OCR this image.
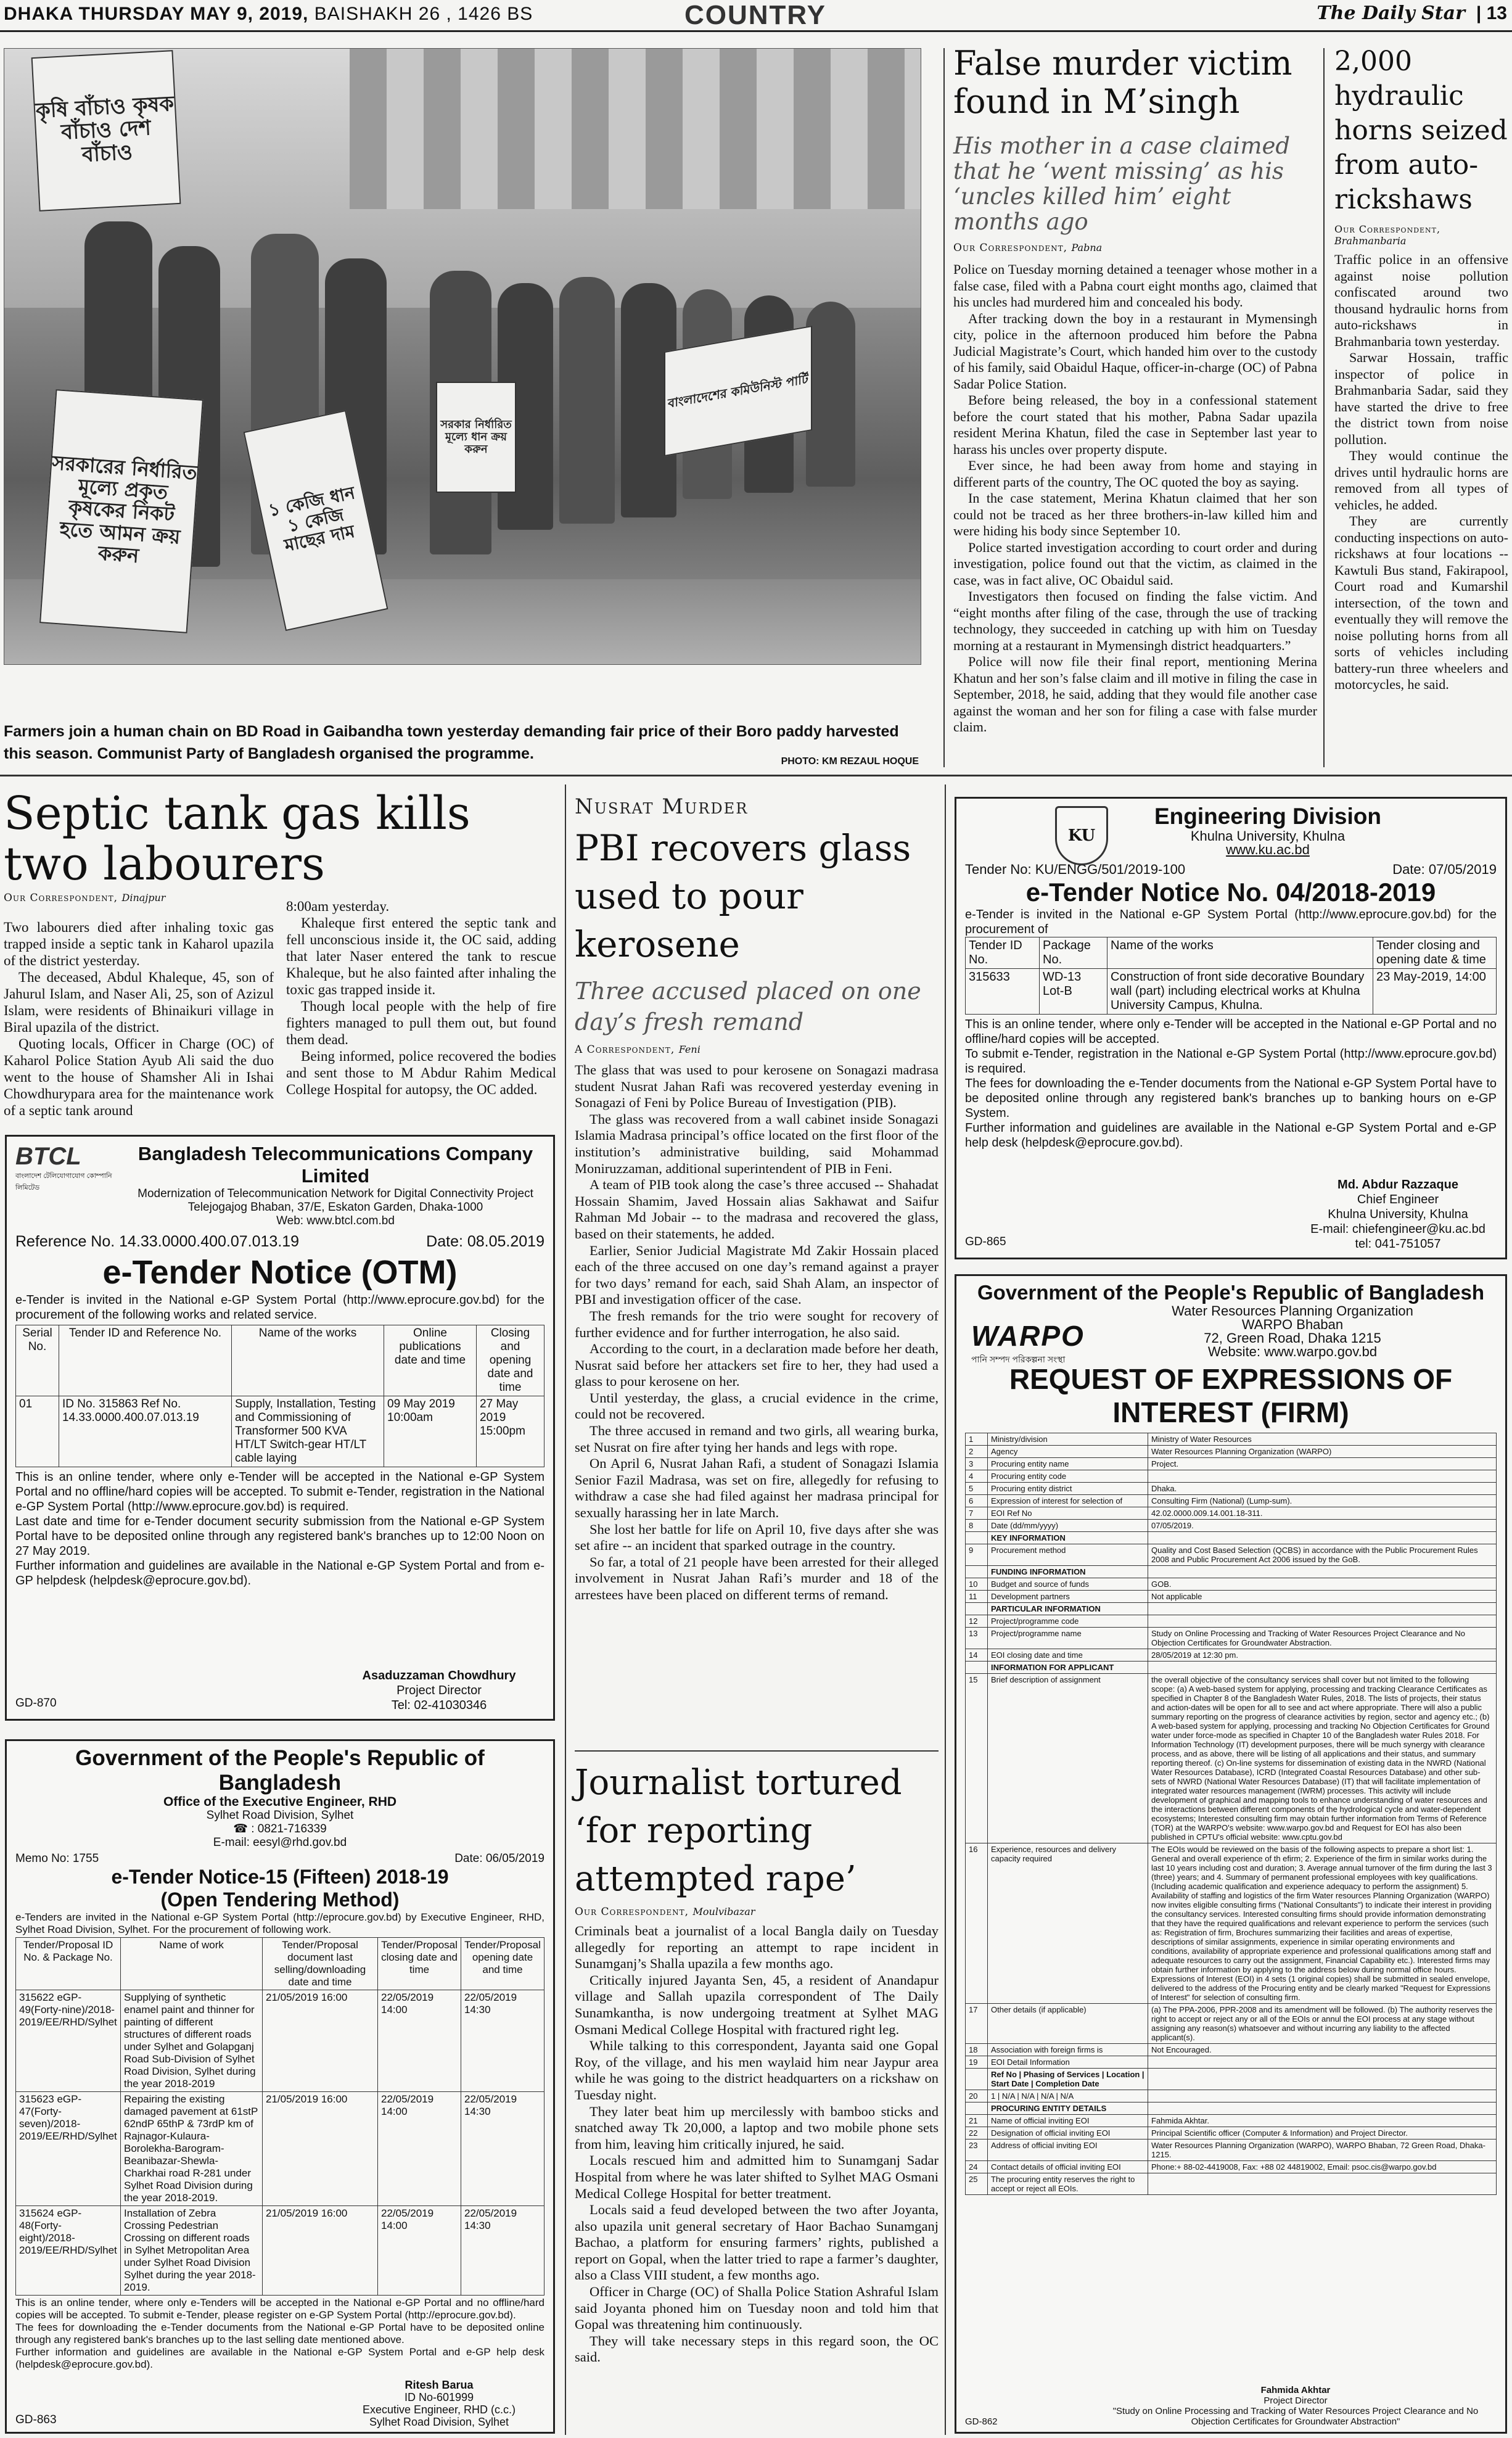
DHAKA THURSDAY MAY 9, 2019, BAISHAKH 26 , 1426 BS	COUNTRY	The Daily Star | 13
কৃষি বাঁচাও কৃষক বাঁচাও দেশ বাঁচাও
সরকারের নির্ধারিত মূল্যে প্রকৃত কৃষকের নিকট হতে আমন ক্রয় করুন
১ কেজি ধান ১ কেজি মাছের দাম
সরকার নির্ধারিত মূল্যে ধান ক্রয় করুন
বাংলাদেশের কমিউনিস্ট পার্টি
Farmers join a human chain on BD Road in Gaibandha town yesterday demanding fair price of their Boro paddy harvested this season. Communist Party of Bangladesh organised the programme.	PHOTO: KM REZAUL HOQUE
False murder victim found in M’singh
His mother in a case claimed that he ‘went missing’ as his ‘uncles killed him’ eight months ago
Our Correspondent, Pabna

Police on Tuesday morning detained a teenager whose mother in a false case, filed with a Pabna court eight months ago, claimed that his uncles had murdered him and concealed his body.

After tracking down the boy in a restaurant in Mymensingh city, police in the afternoon produced him before the Pabna Judicial Magistrate’s Court, which handed him over to the custody of his family, said Obaidul Haque, officer-in-charge (OC) of Pabna Sadar Police Station.

Before being released, the boy in a confessional statement before the court stated that his mother, Pabna Sadar upazila resident Merina Khatun, filed the case in September last year to harass his uncles over property dispute.

Ever since, he had been away from home and staying in different parts of the country, The OC quoted the boy as saying.

In the case statement, Merina Khatun claimed that her son could not be traced as her three brothers-in-law killed him and were hiding his body since September 10.

Police started investigation according to court order and during investigation, police found out that the victim, as claimed in the case, was in fact alive, OC Obaidul said.

Investigators then focused on finding the false victim. And “eight months after filing of the case, through the use of tracking technology, they succeeded in catching up with him on Tuesday morning at a restaurant in Mymensingh district headquarters.”

Police will now file their final report, mentioning Merina Khatun and her son’s false claim and ill motive in filing the case in September, 2018, he said, adding that they would file another case against the woman and her son for filing a case with false murder claim.

2,000 hydraulic horns seized from auto-rickshaws
Our Correspondent,
Brahmanbaria

Traffic police in an offensive against noise pollution confiscated around two thousand hydraulic horns from auto-rickshaws in Brahmanbaria town yesterday.

Sarwar Hossain, traffic inspector of police in Brahmanbaria Sadar, said they have started the drive to free the district town from noise pollution.

They would continue the drives until hydraulic horns are removed from all types of vehicles, he added.

They are currently conducting inspections on auto-rickshaws at four locations -- Kawtuli Bus stand, Fakirapool, Court road and Kumarshil intersection, of the town and eventually they will remove the noise polluting horns from all sorts of vehicles including battery-run three wheelers and motorcycles, he said.

Septic tank gas kills two labourers
Our Correspondent, Dinajpur

Two labourers died after inhaling toxic gas trapped inside a septic tank in Kaharol upazila of the district yesterday.

The deceased, Abdul Khaleque, 45, son of Jahurul Islam, and Naser Ali, 25, son of Azizul Islam, were residents of Bhinaikuri village in Biral upazila of the district.

Quoting locals, Officer in Charge (OC) of Kaharol Police Station Ayub Ali said the duo went to the house of Shamsher Ali in Ishai Chowdhurypara area for the maintenance work of a septic tank around

8:00am yesterday.

Khaleque first entered the septic tank and fell unconscious inside it, the OC said, adding that later Naser entered the tank to rescue Khaleque, but he also fainted after inhaling the toxic gas trapped inside it.

Though local people with the help of fire fighters managed to pull them out, but found them dead.

Being informed, police recovered the bodies and sent those to M Abdur Rahim Medical College Hospital for autopsy, the OC added.

BTCL
বাংলাদেশ টেলিযোগাযোগ কোম্পানি লিমিটেড
Bangladesh Telecommunications Company Limited
Modernization of Telecommunication Network for Digital Connectivity Project
Telejogajog Bhaban, 37/E, Eskaton Garden, Dhaka-1000
Web: www.btcl.com.bd
Reference No. 14.33.0000.400.07.013.19	Date: 08.05.2019
e-Tender Notice (OTM)
e-Tender is invited in the National e-GP System Portal (http://www.eprocure.gov.bd) for the procurement of the following works and related service.
Serial No.	Tender ID and Reference No.	Name of the works	Online publications date and time	Closing and opening date and time
01	ID No. 315863 Ref No. 14.33.0000.400.07.013.19	Supply, Installation, Testing and Commissioning of Transformer 500 KVA HT/LT Switch-gear HT/LT cable laying	09 May 2019 10:00am	27 May 2019 15:00pm
This is an online tender, where only e-Tender will be accepted in the National e-GP System Portal and no offline/hard copies will be accepted. To submit e-Tender, registration in the National e-GP System Portal (http://www.eprocure.gov.bd) is required.
Last date and time for e-Tender document security submission from the National e-GP System Portal have to be deposited online through any registered bank's branches up to 12:00 Noon on 27 May 2019.
Further information and guidelines are available in the National e-GP System Portal and from e-GP helpdesk (helpdesk@eprocure.gov.bd).
Asaduzzaman Chowdhury
Project Director
Tel: 02-41030346
GD-870
Government of the People's Republic of Bangladesh
Office of the Executive Engineer, RHD
Sylhet Road Division, Sylhet
☎ : 0821-716339
E-mail: eesyl@rhd.gov.bd
Memo No: 1755	Date: 06/05/2019
e-Tender Notice-15 (Fifteen) 2018-19
(Open Tendering Method)
e-Tenders are invited in the National e-GP System Portal (http://eprocure.gov.bd) by Executive Engineer, RHD, Sylhet Road Division, Sylhet. For the procurement of following work.
Tender/Proposal ID No. & Package No.	Name of work	Tender/Proposal document last selling/downloading date and time	Tender/Proposal closing date and time	Tender/Proposal opening date and time
315622 eGP-49(Forty-nine)/2018-2019/EE/RHD/Sylhet	Supplying of synthetic enamel paint and thinner for painting of different structures of different roads under Sylhet and Golapganj Road Sub-Division of Sylhet Road Division, Sylhet during the year 2018-2019	21/05/2019 16:00	22/05/2019 14:00	22/05/2019 14:30
315623 eGP-47(Forty-seven)/2018-2019/EE/RHD/Sylhet	Repairing the existing damaged pavement at 61stP 62ndP 65thP & 73rdP km of Rajnagor-Kulaura-Borolekha-Barogram-Beanibazar-Shewla-Charkhai road R-281 under Sylhet Road Division during the year 2018-2019.	21/05/2019 16:00	22/05/2019 14:00	22/05/2019 14:30
315624 eGP-48(Forty-eight)/2018-2019/EE/RHD/Sylhet	Installation of Zebra Crossing Pedestrian Crossing on different roads in Sylhet Metropolitan Area under Sylhet Road Division Sylhet during the year 2018-2019.	21/05/2019 16:00	22/05/2019 14:00	22/05/2019 14:30
This is an online tender, where only e-Tenders will be accepted in the National e-GP Portal and no offline/hard copies will be accepted. To submit e-Tender, please register on e-GP System Portal (http://eprocure.gov.bd).
The fees for downloading the e-Tender documents from the National e-GP Portal have to be deposited online through any registered bank's branches up to the last selling date mentioned above.
Further information and guidelines are available in the National e-GP System Portal and e-GP help desk (helpdesk@eprocure.gov.bd).
Ritesh Barua
ID No-601999
Executive Engineer, RHD (c.c.)
Sylhet Road Division, Sylhet
GD-863
Nusrat Murder
PBI recovers glass used to pour kerosene
Three accused placed on one day’s fresh remand
A Correspondent, Feni

The glass that was used to pour kerosene on Sonagazi madrasa student Nusrat Jahan Rafi was recovered yesterday evening in Sonagazi of Feni by Police Bureau of Investigation (PIB).

The glass was recovered from a wall cabinet inside Sonagazi Islamia Madrasa principal’s office located on the first floor of the institution’s administrative building, said Mohammad Moniruzzaman, additional superintendent of PIB in Feni.

A team of PIB took along the case’s three accused -- Shahadat Hossain Shamim, Javed Hossain alias Sakhawat and Saifur Rahman Md Jobair -- to the madrasa and recovered the glass, based on their statements, he added.

Earlier, Senior Judicial Magistrate Md Zakir Hossain placed each of the three accused on one day’s remand against a prayer for two days’ remand for each, said Shah Alam, an inspector of PBI and investigation officer of the case.

The fresh remands for the trio were sought for recovery of further evidence and for further interrogation, he also said.

According to the court, in a declaration made before her death, Nusrat said before her attackers set fire to her, they had used a glass to pour kerosene on her.

Until yesterday, the glass, a crucial evidence in the crime, could not be recovered.

The three accused in remand and two girls, all wearing burka, set Nusrat on fire after tying her hands and legs with rope.

On April 6, Nusrat Jahan Rafi, a student of Sonagazi Islamia Senior Fazil Madrasa, was set on fire, allegedly for refusing to withdraw a case she had filed against her madrasa principal for sexually harassing her in late March.

She lost her battle for life on April 10, five days after she was set afire -- an incident that sparked outrage in the country.

So far, a total of 21 people have been arrested for their alleged involvement in Nusrat Jahan Rafi’s murder and 18 of the arrestees have been placed on different terms of remand.

Journalist tortured ‘for reporting attempted rape’
Our Correspondent, Moulvibazar

Criminals beat a journalist of a local Bangla daily on Tuesday allegedly for reporting an attempt to rape incident in Sunamganj’s Shalla upazila a few months ago.

Critically injured Jayanta Sen, 45, a resident of Anandapur village and Sallah upazila correspondent of The Daily Sunamkantha, is now undergoing treatment at Sylhet MAG Osmani Medical College Hospital with fractured right leg.

While talking to this correspondent, Jayanta said one Gopal Roy, of the village, and his men waylaid him near Jaypur area while he was going to the district headquarters on a rickshaw on Tuesday night.

They later beat him up mercilessly with bamboo sticks and snatched away Tk 20,000, a laptop and two mobile phone sets from him, leaving him critically injured, he said.

Locals rescued him and admitted him to Sunamganj Sadar Hospital from where he was later shifted to Sylhet MAG Osmani Medical College Hospital for better treatment.

Locals said a feud developed between the two after Joyanta, also upazila unit general secretary of Haor Bachao Sunamganj Bachao, a platform for ensuring farmers’ rights, published a report on Gopal, when the latter tried to rape a farmer’s daughter, also a Class VIII student, a few months ago.

Officer in Charge (OC) of Shalla Police Station Ashraful Islam said Joyanta phoned him on Tuesday noon and told him that Gopal was threatening him continuously.

They will take necessary steps in this regard soon, the OC said.

KU
Engineering Division
Khulna University, Khulna
www.ku.ac.bd
Tender No: KU/ENGG/501/2019-100	Date: 07/05/2019
e-Tender Notice No. 04/2018-2019
e-Tender is invited in the National e-GP System Portal (http://www.eprocure.gov.bd) for the procurement of
Tender ID No.	Package No.	Name of the works	Tender closing and opening date & time
315633	WD-13 Lot-B	Construction of front side decorative Boundary wall (part) including electrical works at Khulna University Campus, Khulna.	23 May-2019, 14:00
This is an online tender, where only e-Tender will be accepted in the National e-GP Portal and no offline/hard copies will be accepted.
To submit e-Tender, registration in the National e-GP System Portal (http://www.eprocure.gov.bd) is required.
The fees for downloading the e-Tender documents from the National e-GP System Portal have to be deposited online through any registered bank's branches up to banking hours on e-GP System.
Further information and guidelines are available in the National e-GP System Portal and e-GP help desk (helpdesk@eprocure.gov.bd).
Md. Abdur Razzaque
Chief Engineer
Khulna University, Khulna
E-mail: chiefengineer@ku.ac.bd
tel: 041-751057
GD-865
Government of the People's Republic of Bangladesh
WARPO
পানি সম্পদ পরিকল্পনা সংস্থা
Water Resources Planning Organization
WARPO Bhaban
72, Green Road, Dhaka 1215
Website: www.warpo.gov.bd
REQUEST OF EXPRESSIONS OF INTEREST (FIRM)
1	Ministry/division	Ministry of Water Resources
2	Agency	Water Resources Planning Organization (WARPO)
3	Procuring entity name	Project.
4	Procuring entity code	
5	Procuring entity district	Dhaka.
6	Expression of interest for selection of	Consulting Firm (National) (Lump-sum).
7	EOI Ref No	42.02.0000.009.14.001.18-311.
8	Date (dd/mm/yyyy)	07/05/2019.
	KEY INFORMATION	
9	Procurement method	Quality and Cost Based Selection (QCBS) in accordance with the Public Procurement Rules 2008 and Public Procurement Act 2006 issued by the GoB.
	FUNDING INFORMATION	
10	Budget and source of funds	GOB.
11	Development partners	Not applicable
	PARTICULAR INFORMATION	
12	Project/programme code	
13	Project/programme name	Study on Online Processing and Tracking of Water Resources Project Clearance and No Objection Certificates for Groundwater Abstraction.
14	EOI closing date and time	28/05/2019 at 12:30 pm.
	INFORMATION FOR APPLICANT	
15	Brief description of assignment	the overall objective of the consultancy services shall cover but not limited to the following scope: (a) A web-based system for applying, processing and tracking Clearance Certificates as specified in Chapter 8 of the Bangladesh Water Rules, 2018. The lists of projects, their status and action-dates will be open for all to see and act where appropriate. There will also a public summary reporting on the progress of clearance activities by region, sector and agency etc.; (b) A web-based system for applying, processing and tracking No Objection Certificates for Ground water under force-mode as specified in Chapter 10 of the Bangladesh water Rules 2018. For Information Technology (IT) development purposes, there will be much synergy with clearance process, and as above, there will be listing of all applications and their status, and summary reporting thereof. (c) On-line systems for dissemination of existing data in the NWRD (National Water Resources Database), ICRD (Integrated Coastal Resources Database) and other sub-sets of NWRD (National Water Resources Database) (IT) that will facilitate implementation of integrated water resources management (IWRM) processes. This activity will include development of graphical and mapping tools to enhance understanding of water resources and the interactions between different components of the hydrological cycle and water-dependent ecosystems; Interested consulting firm may obtain further information from Terms of Reference (TOR) at the WARPO's website: www.warpo.gov.bd and Request for EOI has also been published in CPTU's official website: www.cptu.gov.bd
16	Experience, resources and delivery capacity required	The EOIs would be reviewed on the basis of the following aspects to prepare a short list: 1. General and overall experience of th efirm; 2. Experience of the firm in similar works during the last 10 years including cost and duration; 3. Average annual turnover of the firm during the last 3 (three) years; and 4. Summary of permanent professional employees with key qualifications. (Including academic qualification and experience adequacy to perform the assignment) 5. Availability of staffing and logistics of the firm Water resources Planning Organization (WARPO) now invites eligible consulting firms ("National Consultants") to indicate their interest in providing the consultancy services. Interested consulting firms should provide information demonstrating that they have the required qualifications and relevant experience to perform the services (such as: Registration of firm, Brochures summarizing their facilities and areas of expertise, descriptions of similar assignments, experience in similar operating environments and conditions, availability of appropriate experience and professional qualifications among staff and adequate resources to carry out the assignment, Financial Capability etc.). Interested firms may obtain further information by applying to the address below during normal office hours. Expressions of Interest (EOI) in 4 sets (1 original copies) shall be submitted in sealed envelope, delivered to the address of the Procuring entity and be clearly marked "Request for Expressions of Interest" for selection of consulting firm.
17	Other details (if applicable)	(a) The PPA-2006, PPR-2008 and its amendment will be followed. (b) The authority reserves the right to accept or reject any or all of the EOIs or annul the EOI process at any stage without assigning any reason(s) whatsoever and without incurring any liability to the affected applicant(s).
18	Association with foreign firms is	Not Encouraged.
19	EOI Detail Information	
	Ref No | Phasing of Services | Location | Start Date | Completion Date	
20	1 | N/A | N/A | N/A | N/A	
	PROCURING ENTITY DETAILS	
21	Name of official inviting EOI	Fahmida Akhtar.
22	Designation of official inviting EOI	Principal Scientific officer (Computer & Information) and Project Director.
23	Address of official inviting EOI	Water Resources Planning Organization (WARPO), WARPO Bhaban, 72 Green Road, Dhaka-1215.
24	Contact details of official inviting EOI	Phone:+ 88-02-4419008, Fax: +88 02 44819002, Email: psoc.cis@warpo.gov.bd
25	The procuring entity reserves the right to accept or reject all EOIs.	
Fahmida Akhtar
Project Director
"Study on Online Processing and Tracking of Water Resources Project Clearance and No Objection Certificates for Groundwater Abstraction"
GD-862
